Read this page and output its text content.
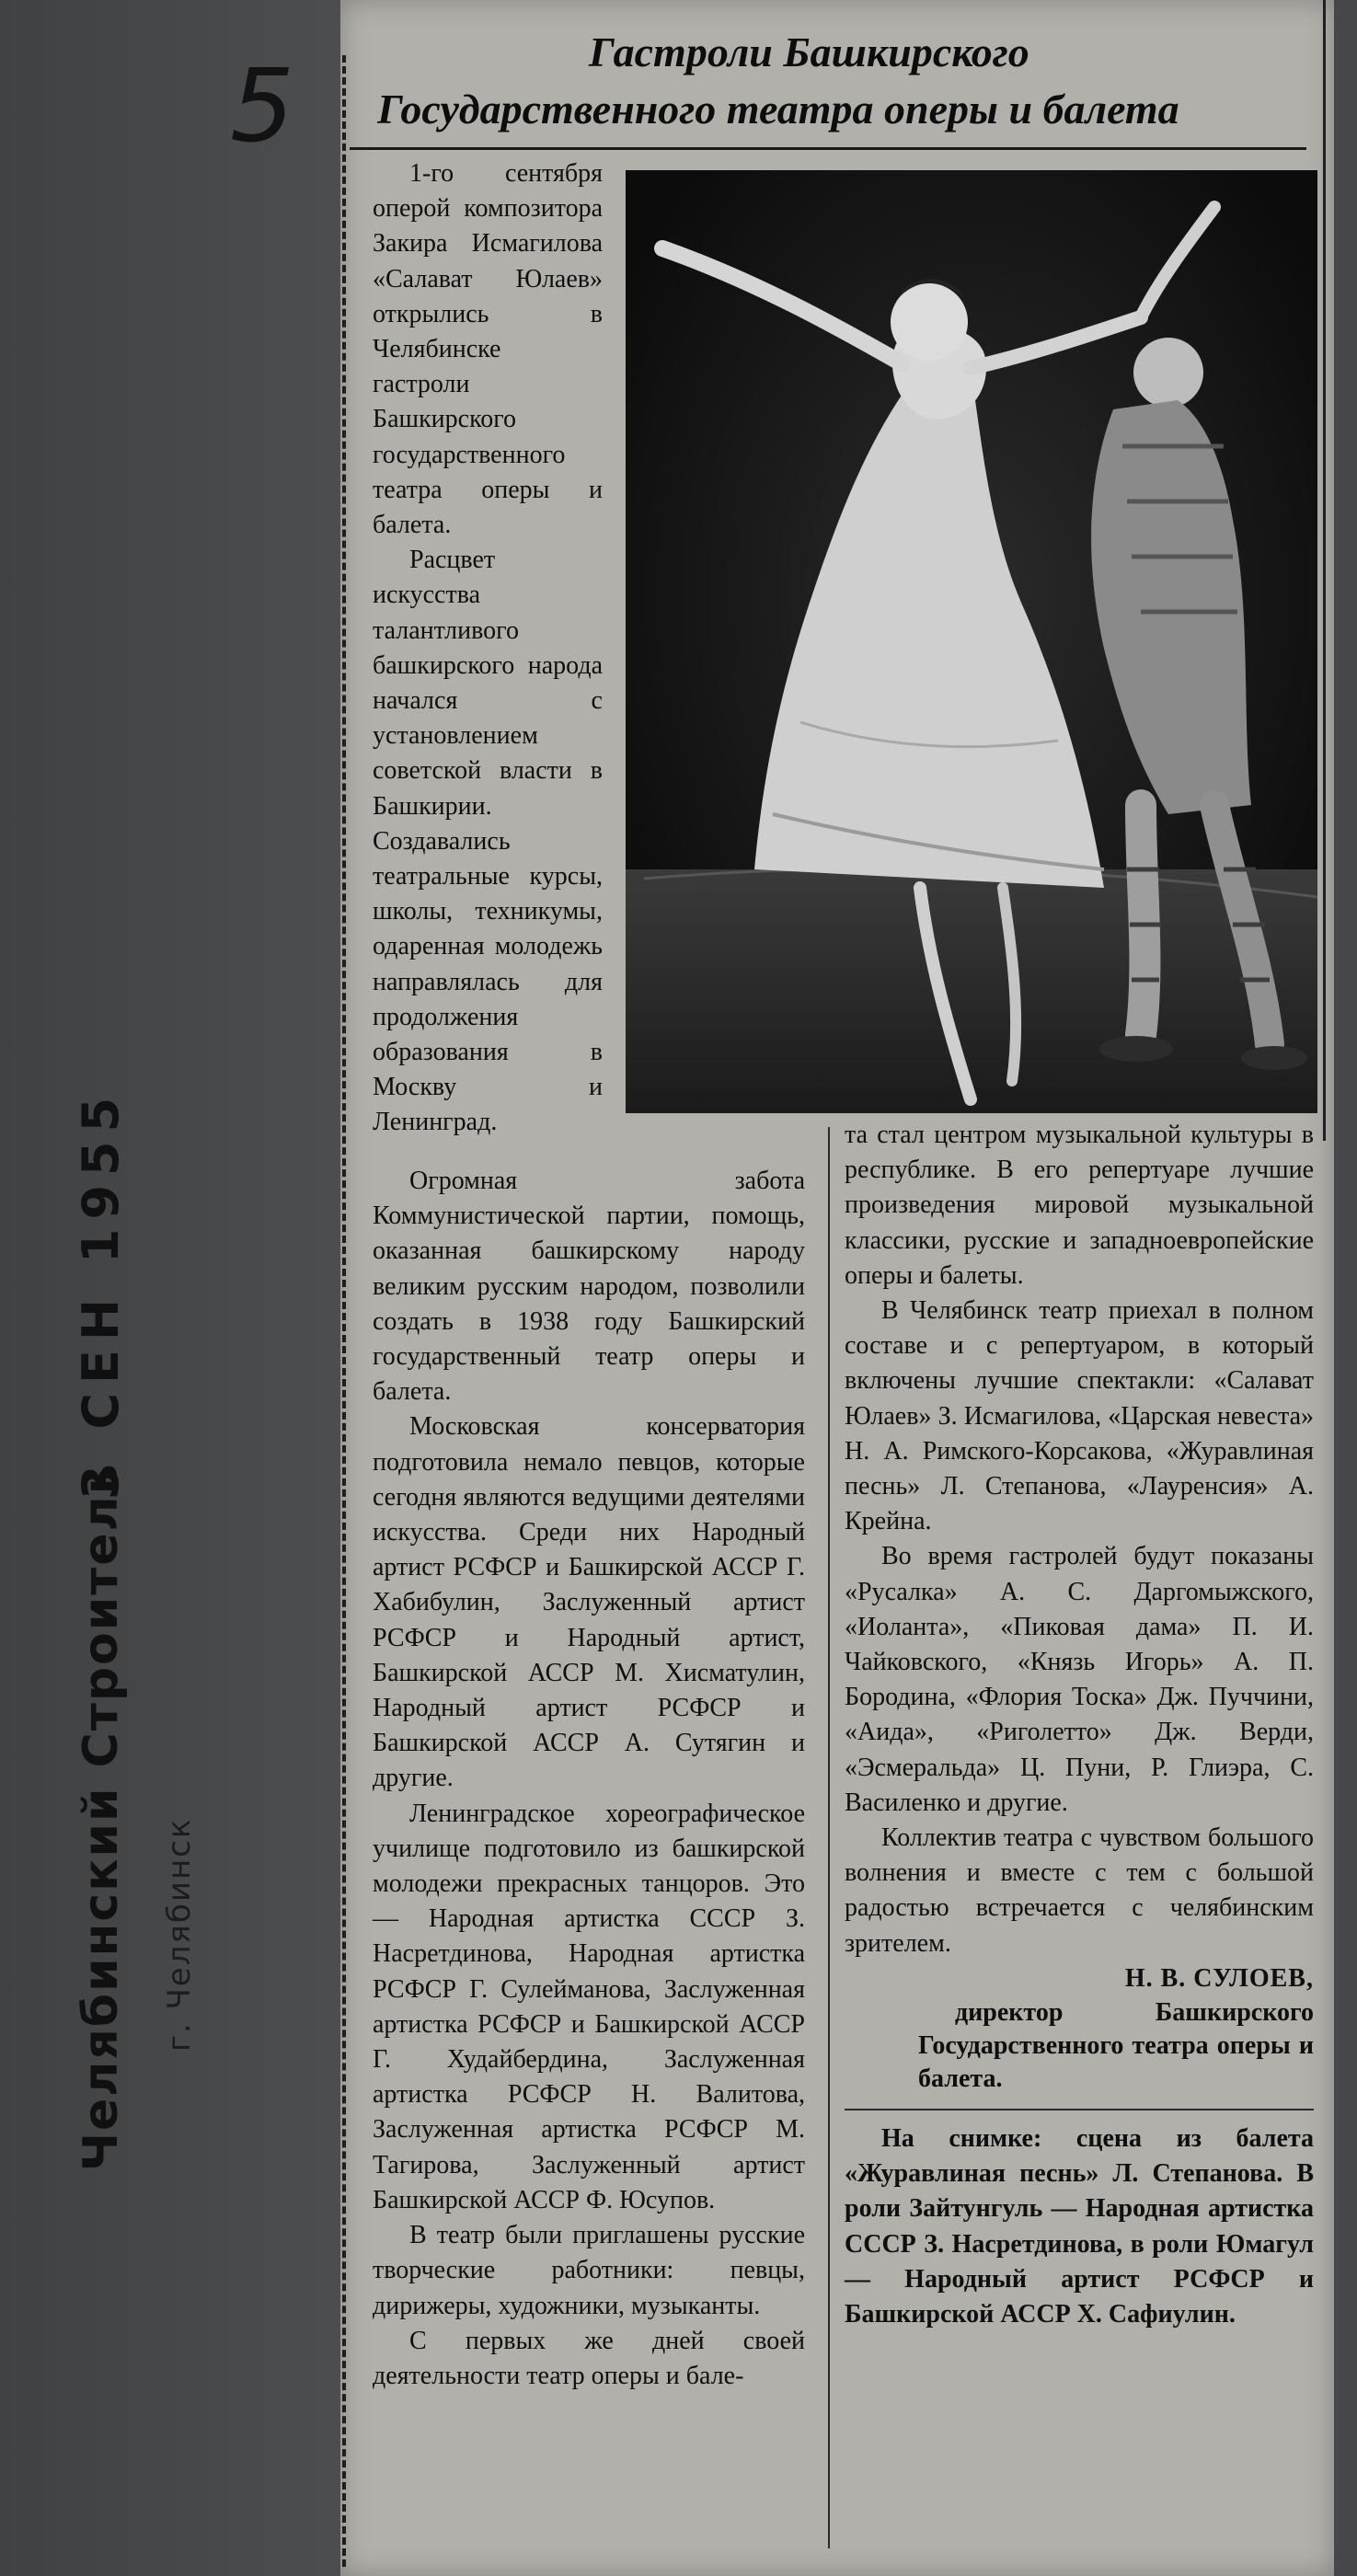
5
Челябинский Строитель
3 СЕН 1955
г. Челябинск
Гастроли Башкирского
Государственного театра оперы и балета

1-го сентября оперой композитора Закира Исмагилова «Салават Юлаев» открылись в Челябинске гастроли Башкирского государственного театра оперы и балета.

Расцвет искусства талантливого башкирского народа начался с установлением советской власти в Башкирии. Создавались театральные курсы, школы, техникумы, одаренная молодежь направлялась для продолжения образования в Москву и Ленинград.

Огромная забота Коммунистической партии, помощь, оказанная башкирскому народу великим русским народом, позволили создать в 1938 году Башкирский государственный театр оперы и балета.

Московская консерватория подготовила немало певцов, которые сегодня являются ведущими деятелями искусства. Среди них Народный артист РСФСР и Башкирской АССР Г. Хабибулин, Заслуженный артист РСФСР и Народный артист, Башкирской АССР М. Хисматулин, Народный артист РСФСР и Башкирской АССР А. Сутягин и другие.

Ленинградское хореографическое училище подготовило из башкирской молодежи прекрасных танцоров. Это — Народная артистка СССР З. Насретдинова, Народная артистка РСФСР Г. Сулейманова, Заслуженная артистка РСФСР и Башкирской АССР Г. Худайбердина, Заслуженная артистка РСФСР Н. Валитова, Заслуженная артистка РСФСР М. Тагирова, Заслуженный артист Башкирской АССР Ф. Юсупов.

В театр были приглашены русские творческие работники: певцы, дирижеры, художники, музыканты.

С первых же дней своей деятельности театр оперы и бале-

та стал центром музыкальной культуры в республике. В его репертуаре лучшие произведения мировой музыкальной классики, русские и западноевропейские оперы и балеты.

В Челябинск театр приехал в полном составе и с репертуаром, в который включены лучшие спектакли: «Салават Юлаев» З. Исмагилова, «Царская невеста» Н. А. Римского-Корсакова, «Журавлиная песнь» Л. Степанова, «Лауренсия» А. Крейна.

Во время гастролей будут показаны «Русалка» А. С. Даргомыжского, «Иоланта», «Пиковая дама» П. И. Чайковского, «Князь Игорь» А. П. Бородина, «Флория Тоска» Дж. Пуччини, «Аида», «Риголетто» Дж. Верди, «Эсмеральда» Ц. Пуни, Р. Глиэра, С. Василенко и другие.

Коллектив театра с чувством большого волнения и вместе с тем с большой радостью встречается с челябинским зрителем.

Н. В. СУЛОЕВ,

директор Башкирского Государственного театра оперы и балета.

На снимке: сцена из балета «Журавлиная песнь» Л. Степанова. В роли Зайтунгуль — Народная артистка СССР З. Насретдинова, в роли Юмагул — Народный артист РСФСР и Башкирской АССР Х. Сафиулин.
